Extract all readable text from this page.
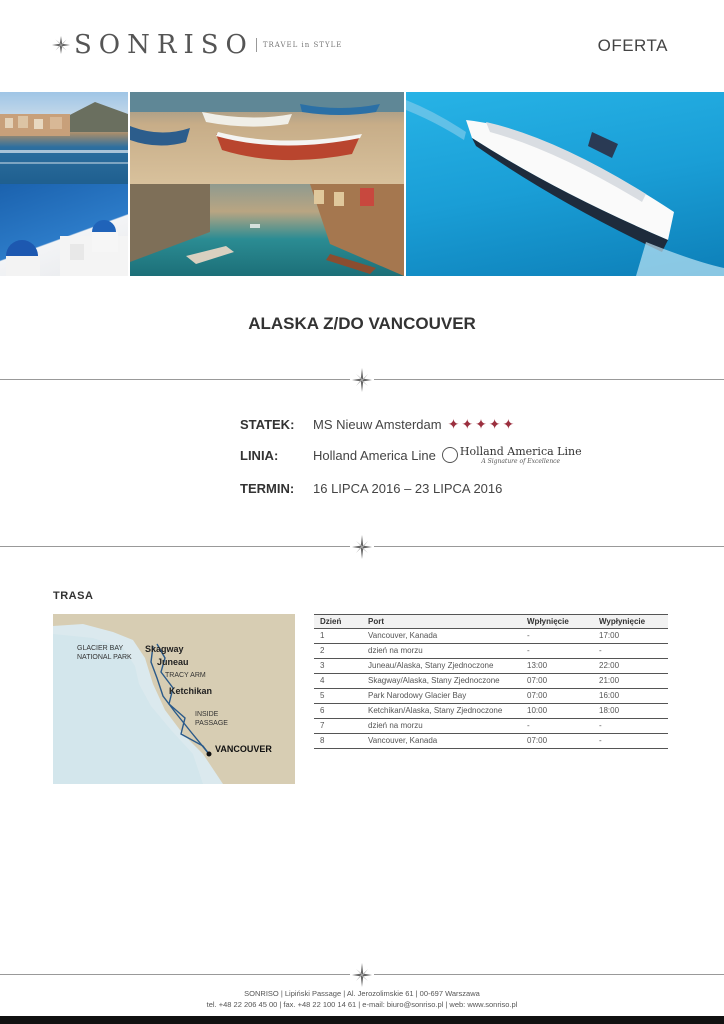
SONRISO TRAVEL in STYLE	OFERTA
ALASKA Z/DO VANCOUVER
STATEK: MS Nieuw Amsterdam ✦ ✦ ✦ ✦ ✦
LINIA:	Holland America Line Holland America Line
A Signature of Excellence
TERMIN: 16 LIPCA 2016 – 23 LIPCA 2016
TRASA
GLACIER BAY
NATIONAL PARK
Skagway
Juneau
TRACY ARM
Ketchikan
INSIDE
PASSAGE
VANCOUVER
Dzień	Port	Wpłynięcie	Wypłynięcie
1	Vancouver, Kanada	-	17:00
2	dzień na morzu	-	-
3	Juneau/Alaska, Stany Zjednoczone	13:00	22:00
4	Skagway/Alaska, Stany Zjednoczone	07:00	21:00
5	Park Narodowy Glacier Bay	07:00	16:00
6	Ketchikan/Alaska, Stany Zjednoczone	10:00	18:00
7	dzień na morzu	-	-
8	Vancouver, Kanada	07:00	-
SONRISO | Lipiński Passage | Al. Jerozolimskie 61 | 00-697 Warszawa
tel. +48 22 206 45 00 | fax. +48 22 100 14 61 | e-mail: biuro@sonriso.pl | web: www.sonriso.pl
